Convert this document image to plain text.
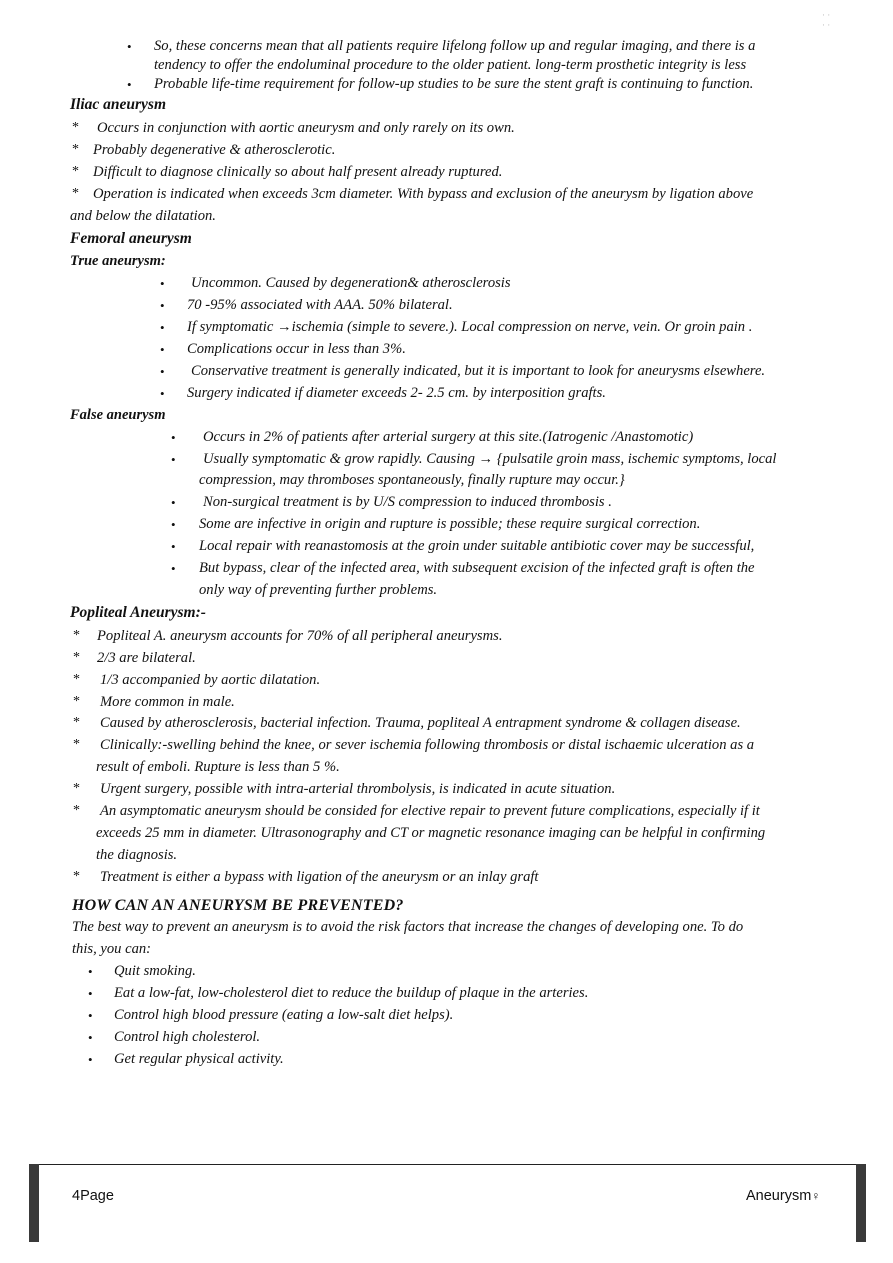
· ·
· ·
• So, these concerns mean that all patients require lifelong follow up and regular imaging, and there is a
tendency to offer the endoluminal procedure to the older patient. long-term prosthetic integrity is less
• Probable life-time requirement for follow-up studies to be sure the stent graft is continuing to function.
Iliac aneurysm
* Occurs in conjunction with aortic aneurysm and only rarely on its own.
* Probably degenerative & atherosclerotic.
* Difficult to diagnose clinically so about half present already ruptured.
* Operation is indicated when exceeds 3cm diameter. With bypass and exclusion of the aneurysm by ligation above
and below the dilatation.
Femoral aneurysm
True aneurysm:
• Uncommon. Caused by degeneration& atherosclerosis
• 70 -95% associated with AAA. 50% bilateral.
• If symptomatic →ischemia (simple to severe.). Local compression on nerve, vein. Or groin pain .
• Complications occur in less than 3%.
• Conservative treatment is generally indicated, but it is important to look for aneurysms elsewhere.
• Surgery indicated if diameter exceeds 2- 2.5 cm. by interposition grafts.
False aneurysm
• Occurs in 2% of patients after arterial surgery at this site.(Iatrogenic /Anastomotic)
• Usually symptomatic & grow rapidly. Causing → {pulsatile groin mass, ischemic symptoms, local
compression, may thromboses spontaneously, finally rupture may occur.}
• Non-surgical treatment is by U/S compression to induced thrombosis .
• Some are infective in origin and rupture is possible; these require surgical correction.
• Local repair with reanastomosis at the groin under suitable antibiotic cover may be successful,
• But bypass, clear of the infected area, with subsequent excision of the infected graft is often the
only way of preventing further problems.
Popliteal Aneurysm:-
* Popliteal A. aneurysm accounts for 70% of all peripheral aneurysms.
* 2/3 are bilateral.
* 1/3 accompanied by aortic dilatation.
* More common in male.
* Caused by atherosclerosis, bacterial infection. Trauma, popliteal A entrapment syndrome & collagen disease.
* Clinically:-swelling behind the knee, or sever ischemia following thrombosis or distal ischaemic ulceration as a
result of emboli. Rupture is less than 5 %.
* Urgent surgery, possible with intra-arterial thrombolysis, is indicated in acute situation.
* An asymptomatic aneurysm should be consided for elective repair to prevent future complications, especially if it
exceeds 25 mm in diameter. Ultrasonography and CT or magnetic resonance imaging can be helpful in confirming
the diagnosis.
* Treatment is either a bypass with ligation of the aneurysm or an inlay graft
HOW CAN AN ANEURYSM BE PREVENTED?
The best way to prevent an aneurysm is to avoid the risk factors that increase the changes of developing one. To do
this, you can:
• Quit smoking.
• Eat a low-fat, low-cholesterol diet to reduce the buildup of plaque in the arteries.
• Control high blood pressure (eating a low-salt diet helps).
• Control high cholesterol.
• Get regular physical activity.
4Page	Aneurysm♀
